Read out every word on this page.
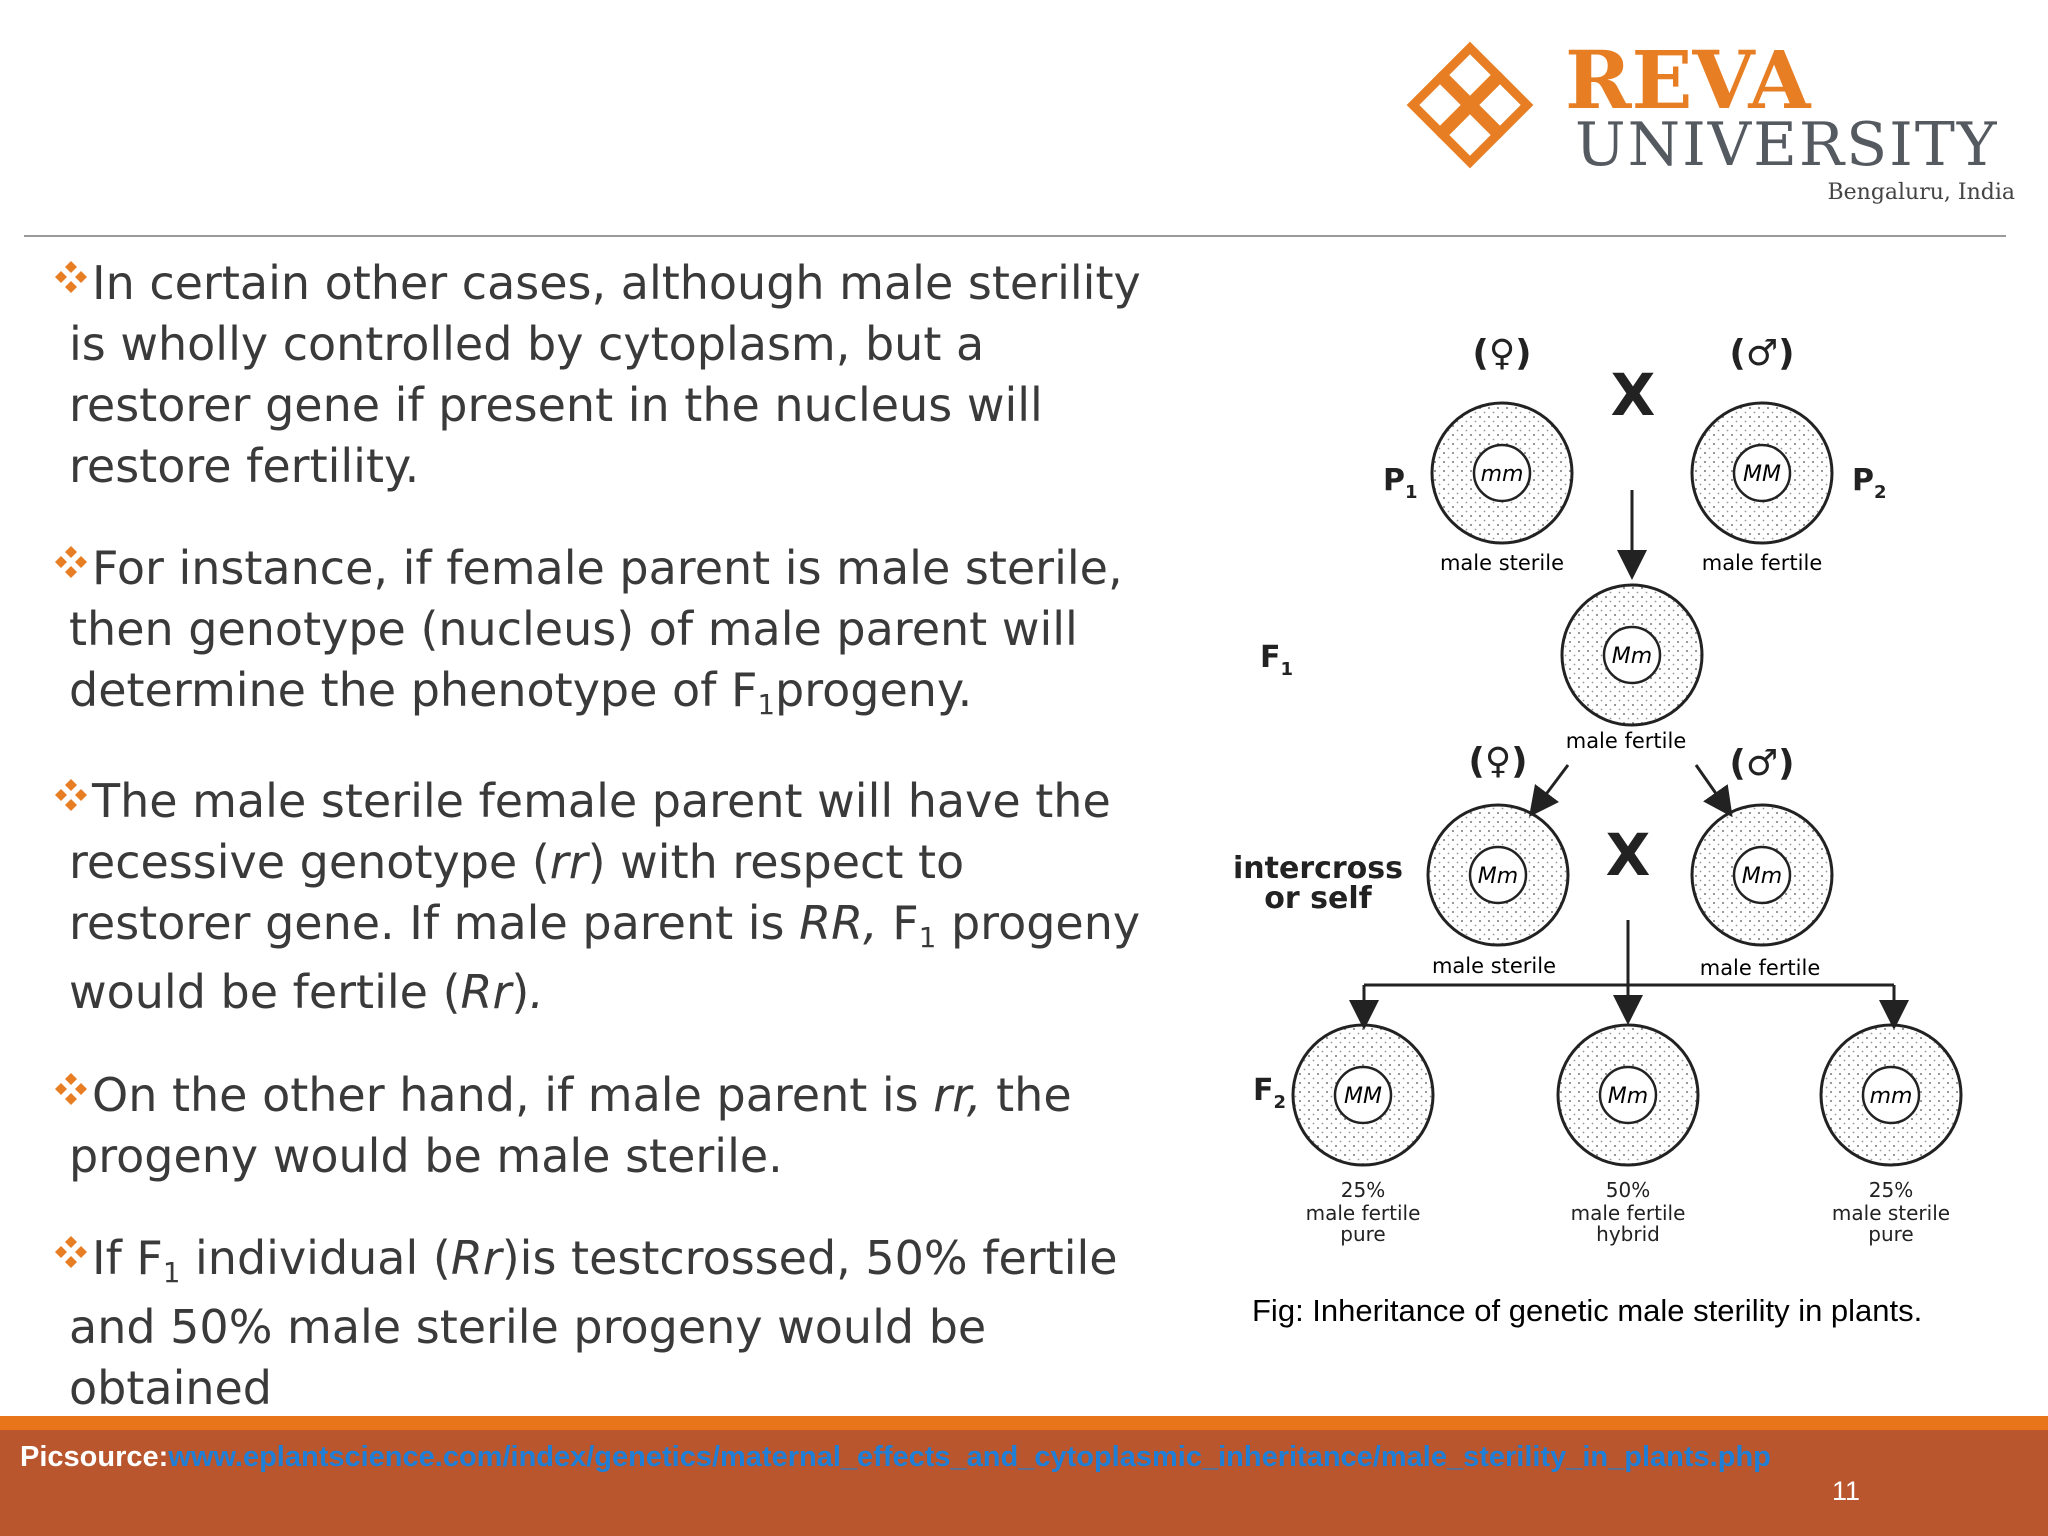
REVA
UNIVERSITY
Bengaluru, India
In certain other cases, although male sterility
is wholly controlled by cytoplasm, but a
restorer gene if present in the nucleus will
restore fertility.
For instance, if female parent is male sterile,
then genotype (nucleus) of male parent will
determine the phenotype of $F_1progeny$.
The male sterile female parent will have the
recessive genotype (rr) with respect to
restorer gene. If male parent is RR, $F_1$ progeny
would be fertile (Rr).
On the other hand, if male parent is rr, the
progeny would be male sterile.
If $F_1$ individual (Rr)is testcrossed, 50% fertile
and 50% male sterile progeny would be
obtained
(♀)	(♂)
X
mm
male sterile
MM
male fertile
$P_1$	$P_2$
$F_1$
$F_2$
Mm
male fertile
(♀)	(♂)
X
intercross
or self
Mm
male sterile
Mm
male fertile
MM
25%
male fertile
pure
Mm
50%
male fertile
hybrid
mm
25%
male sterile
pure
Fig: Inheritance of genetic male sterility in plants.
Picsource:www.eplantscience.com/index/genetics/maternal_effects_and_cytoplasmic_inheritance/male_sterility_in_plants.php
11
